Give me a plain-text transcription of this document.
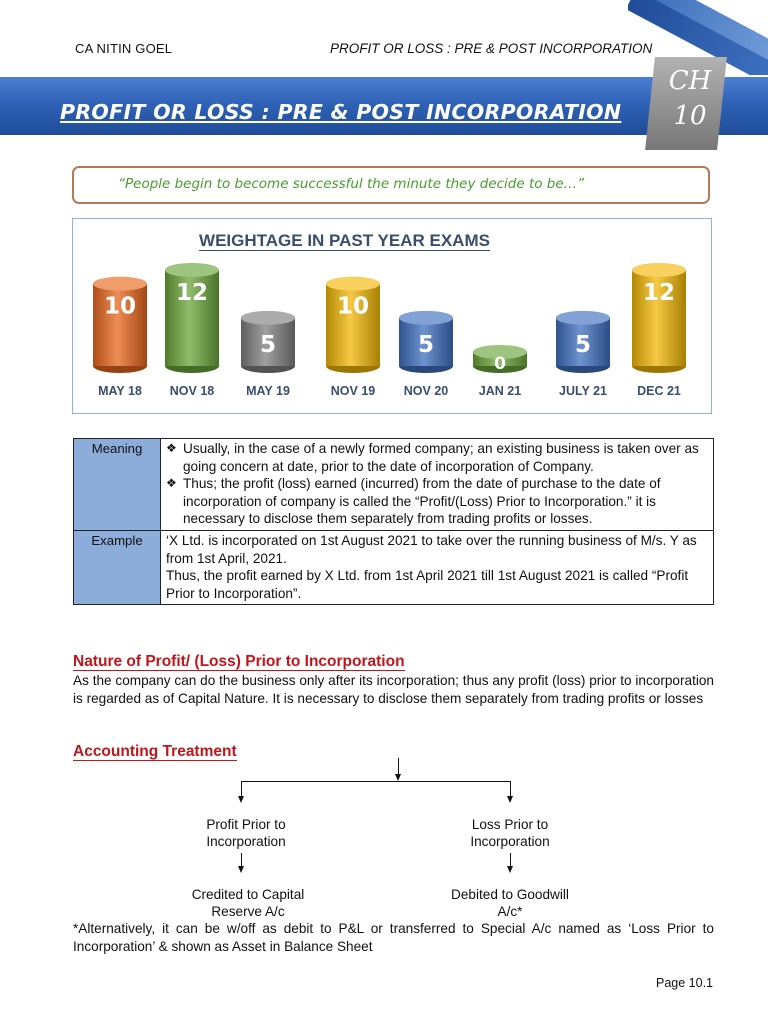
CA NITIN GOEL	PROFIT OR LOSS : PRE & POST INCORPORATION
PROFIT OR LOSS : PRE & POST INCORPORATION
CH
10
“People begin to become successful the minute they decide to be…”
WEIGHTAGE IN PAST YEAR EXAMS
10
MAY 18
12
NOV 18
5
MAY 19
10
NOV 19
5
NOV 20
0
JAN 21
5
JULY 21
12
DEC 21
Meaning	❖ Usually, in the case of a newly formed company; an existing business is taken over as going concern at date, prior to the date of incorporation of Company.
❖ Thus; the profit (loss) earned (incurred) from the date of purchase to the date of incorporation of company is called the “Profit/(Loss) Prior to Incorporation.” it is necessary to disclose them separately from trading profits or losses.

Example	‘X Ltd. is incorporated on 1st August 2021 to take over the running business of M/s. Y as from 1st April, 2021.
Thus, the profit earned by X Ltd. from 1st April 2021 till 1st August 2021 is called “Profit Prior to Incorporation”.
Nature of Profit/ (Loss) Prior to Incorporation
As the company can do the business only after its incorporation; thus any profit (loss) prior to incorporation is regarded as of Capital Nature. It is necessary to disclose them separately from trading profits or losses
Accounting Treatment
Profit Prior to Incorporation
Credited to Capital Reserve A/c
Loss Prior to Incorporation
Debited to Goodwill A/c*
*Alternatively, it can be w/off as debit to P&L or transferred to Special A/c named as ‘Loss Prior to Incorporation’ & shown as Asset in Balance Sheet
Page 10.1
